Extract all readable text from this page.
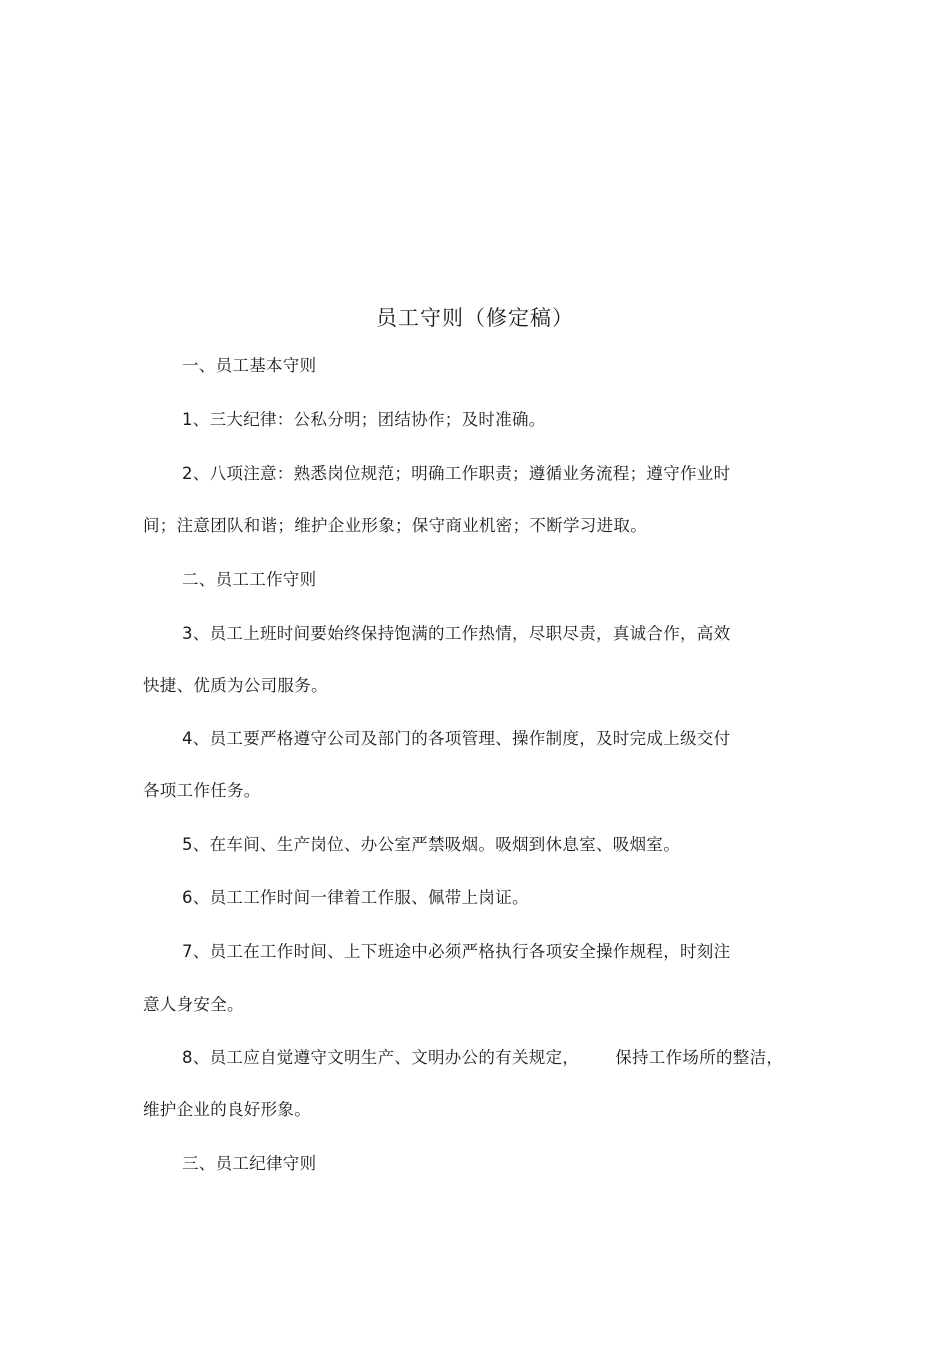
员工守则（修定稿）
一、员工基本守则
1、三大纪律：公私分明；团结协作；及时准确。
2、八项注意：熟悉岗位规范；明确工作职责；遵循业务流程；遵守作业时
间；注意团队和谐；维护企业形象；保守商业机密；不断学习进取。
二、员工工作守则
3、员工上班时间要始终保持饱满的工作热情，尽职尽责，真诚合作，高效
快捷、优质为公司服务。
4、员工要严格遵守公司及部门的各项管理、操作制度，及时完成上级交付
各项工作任务。
5、在车间、生产岗位、办公室严禁吸烟。吸烟到休息室、吸烟室。
6、员工工作时间一律着工作服、佩带上岗证。
7、员工在工作时间、上下班途中必须严格执行各项安全操作规程，时刻注
意人身安全。
8、员工应自觉遵守文明生产、文明办公的有关规定， 保持工作场所的整洁，
维护企业的良好形象。
三、员工纪律守则
